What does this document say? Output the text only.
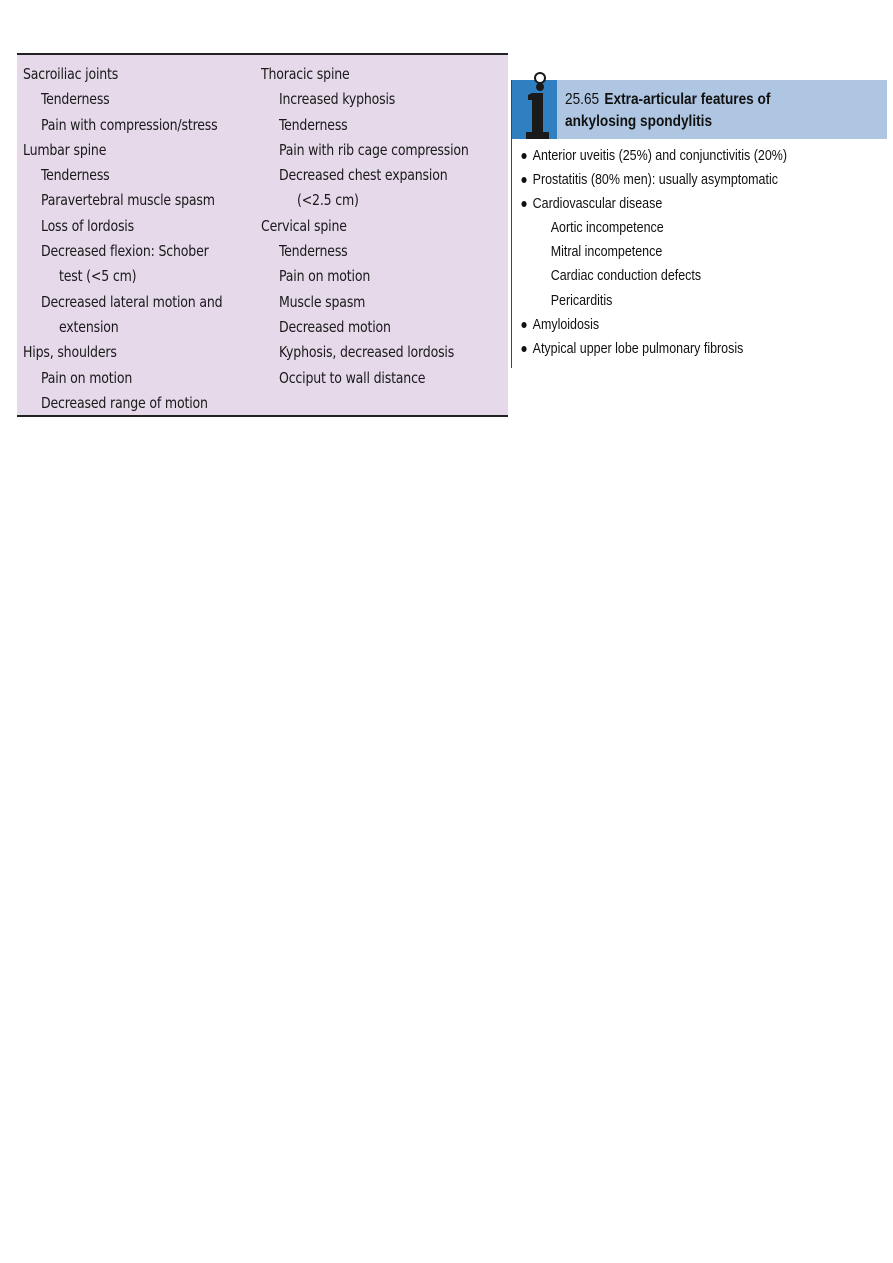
Sacroiliac joints
Tenderness
Pain with compression/stress
Lumbar spine
Tenderness
Paravertebral muscle spasm
Loss of lordosis
Decreased flexion: Schober
test (<5 cm)
Decreased lateral motion and
extension
Hips, shoulders
Pain on motion
Decreased range of motion
Thoracic spine
Increased kyphosis
Tenderness
Pain with rib cage compression
Decreased chest expansion
(<2.5 cm)
Cervical spine
Tenderness
Pain on motion
Muscle spasm
Decreased motion
Kyphosis, decreased lordosis
Occiput to wall distance
25.65 Extra-articular features of
ankylosing spondylitis
Anterior uveitis (25%) and conjunctivitis (20%)
Prostatitis (80% men): usually asymptomatic
Cardiovascular disease
Aortic incompetence
Mitral incompetence
Cardiac conduction defects
Pericarditis
Amyloidosis
Atypical upper lobe pulmonary fibrosis
